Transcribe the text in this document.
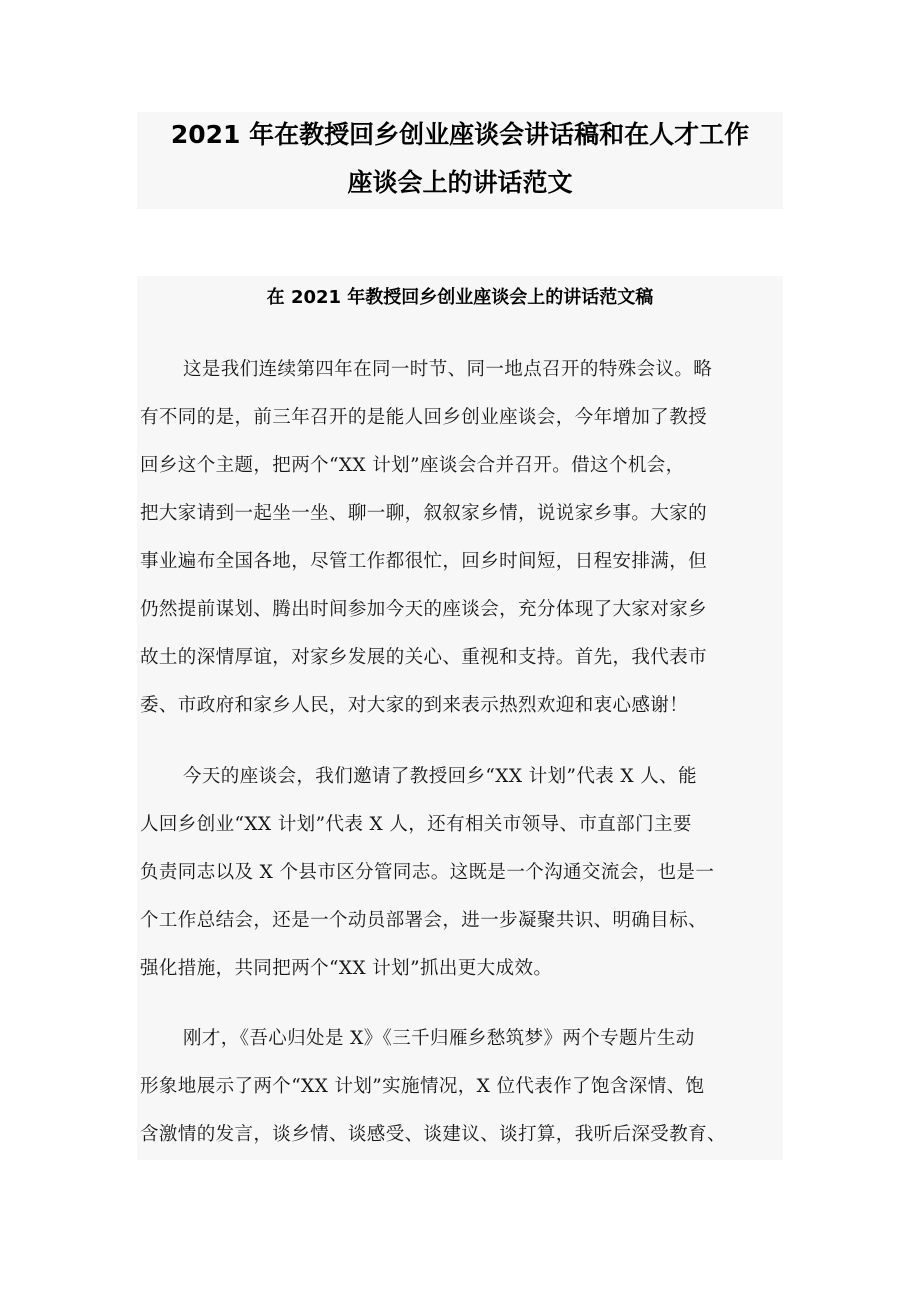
2021 年在教授回乡创业座谈会讲话稿和在人才工作
座谈会上的讲话范文
在 2021 年教授回乡创业座谈会上的讲话范文稿
这是我们连续第四年在同一时节、同一地点召开的特殊会议。略
有不同的是，前三年召开的是能人回乡创业座谈会，今年增加了教授
回乡这个主题，把两个“XX 计划”座谈会合并召开。借这个机会，
把大家请到一起坐一坐、聊一聊，叙叙家乡情，说说家乡事。大家的
事业遍布全国各地，尽管工作都很忙，回乡时间短，日程安排满，但
仍然提前谋划、腾出时间参加今天的座谈会，充分体现了大家对家乡
故土的深情厚谊，对家乡发展的关心、重视和支持。首先，我代表市
委、市政府和家乡人民，对大家的到来表示热烈欢迎和衷心感谢！
今天的座谈会，我们邀请了教授回乡“XX 计划”代表 X 人、能
人回乡创业“XX 计划”代表 X 人，还有相关市领导、市直部门主要
负责同志以及 X 个县市区分管同志。这既是一个沟通交流会，也是一
个工作总结会，还是一个动员部署会，进一步凝聚共识、明确目标、
强化措施，共同把两个“XX 计划”抓出更大成效。
刚才，《吾心归处是 X》《三千归雁乡愁筑梦》两个专题片生动
形象地展示了两个“XX 计划”实施情况，X 位代表作了饱含深情、饱
含激情的发言，谈乡情、谈感受、谈建议、谈打算，我听后深受教育、
